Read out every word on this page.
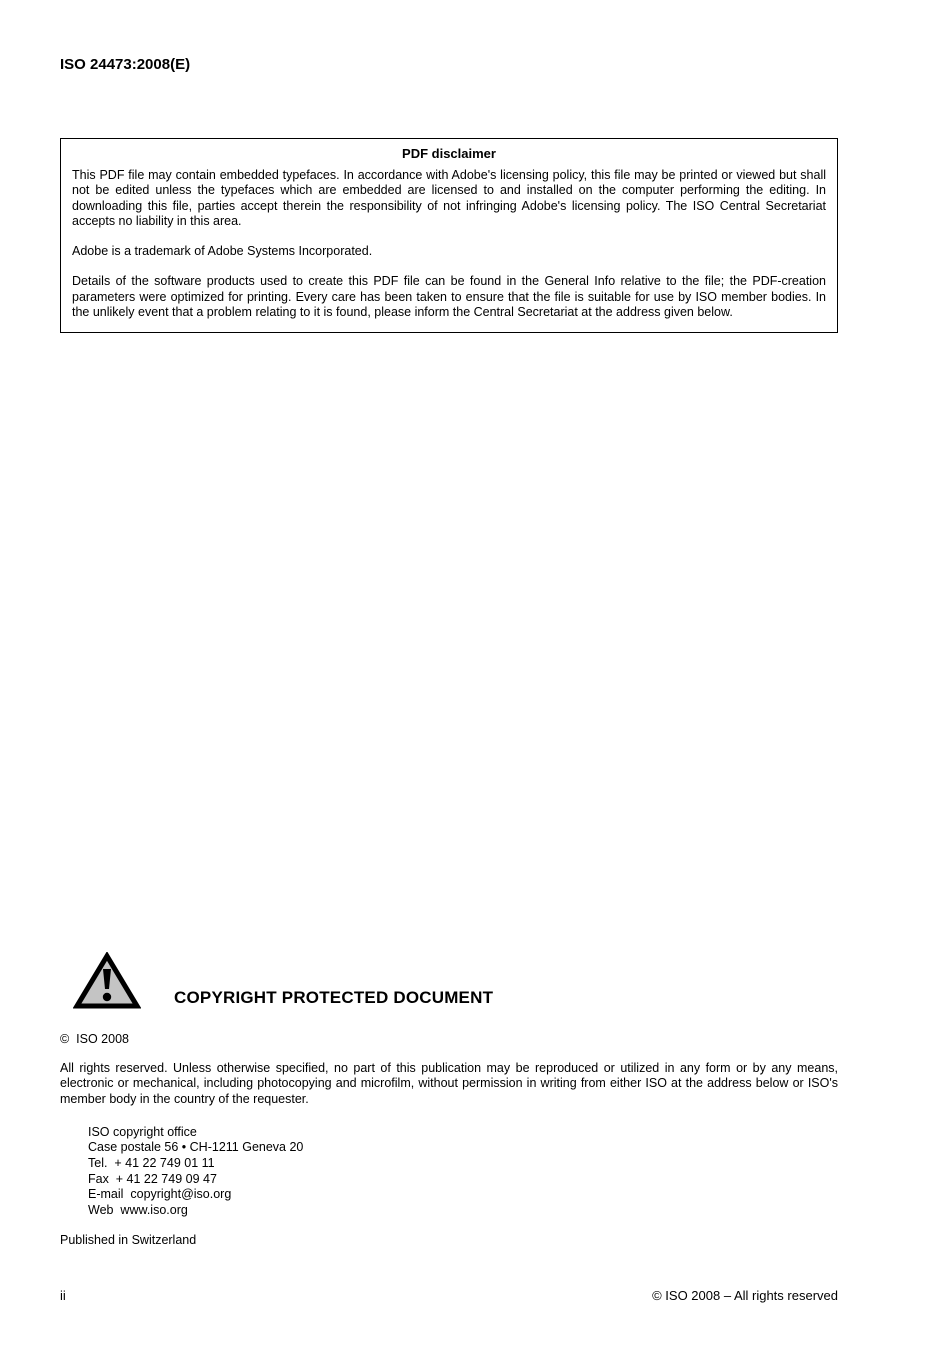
ISO 24473:2008(E)
PDF disclaimer

This PDF file may contain embedded typefaces. In accordance with Adobe's licensing policy, this file may be printed or viewed but shall not be edited unless the typefaces which are embedded are licensed to and installed on the computer performing the editing. In downloading this file, parties accept therein the responsibility of not infringing Adobe's licensing policy. The ISO Central Secretariat accepts no liability in this area.

Adobe is a trademark of Adobe Systems Incorporated.

Details of the software products used to create this PDF file can be found in the General Info relative to the file; the PDF-creation parameters were optimized for printing. Every care has been taken to ensure that the file is suitable for use by ISO member bodies. In the unlikely event that a problem relating to it is found, please inform the Central Secretariat at the address given below.

COPYRIGHT PROTECTED DOCUMENT
©  ISO 2008

All rights reserved. Unless otherwise specified, no part of this publication may be reproduced or utilized in any form or by any means, electronic or mechanical, including photocopying and microfilm, without permission in writing from either ISO at the address below or ISO's member body in the country of the requester.

ISO copyright office
Case postale 56 • CH-1211 Geneva 20
Tel.  + 41 22 749 01 11
Fax  + 41 22 749 09 47
E-mail  copyright@iso.org
Web  www.iso.org
Published in Switzerland
ii	© ISO 2008 – All rights reserved
